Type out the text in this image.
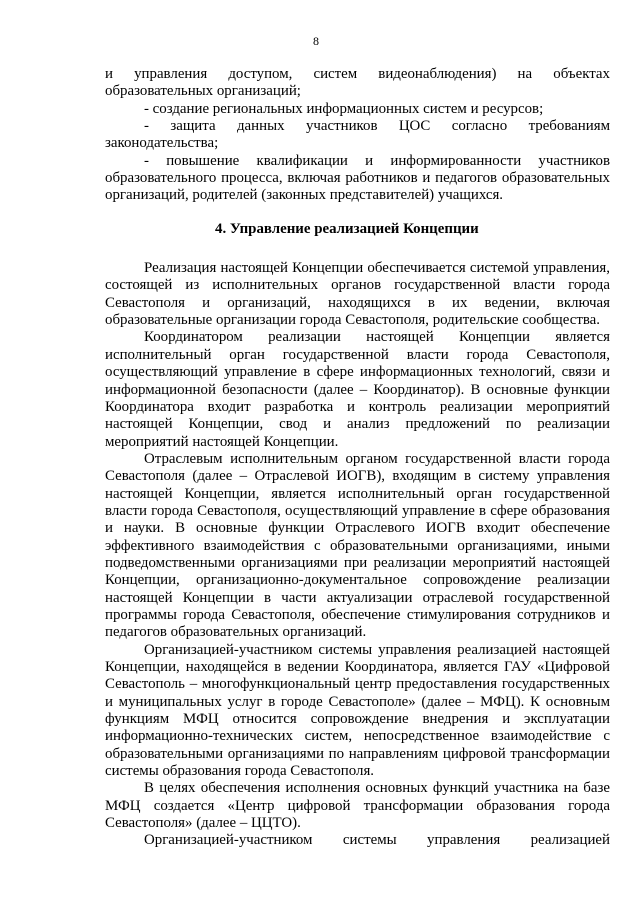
8

и управления доступом, систем видеонаблюдения) на объектах образовательных организаций;

- создание региональных информационных систем и ресурсов;

- защита данных участников ЦОС согласно требованиям законодательства;

- повышение квалификации и информированности участников образовательного процесса, включая работников и педагогов образовательных организаций, родителей (законных представителей) учащихся.

4. Управление реализацией Концепции

Реализация настоящей Концепции обеспечивается системой управления, состоящей из исполнительных органов государственной власти города Севастополя и организаций, находящихся в их ведении, включая образовательные организации города Севастополя, родительские сообщества.

Координатором реализации настоящей Концепции является исполнительный орган государственной власти города Севастополя, осуществляющий управление в сфере информационных технологий, связи и информационной безопасности (далее – Координатор). В основные функции Координатора входит разработка и контроль реализации мероприятий настоящей Концепции, свод и анализ предложений по реализации мероприятий настоящей Концепции.

Отраслевым исполнительным органом государственной власти города Севастополя (далее – Отраслевой ИОГВ), входящим в систему управления настоящей Концепции, является исполнительный орган государственной власти города Севастополя, осуществляющий управление в сфере образования и науки. В основные функции Отраслевого ИОГВ входит обеспечение эффективного взаимодействия с образовательными организациями, иными подведомственными организациями при реализации мероприятий настоящей Концепции, организационно-документальное сопровождение реализации настоящей Концепции в части актуализации отраслевой государственной программы города Севастополя, обеспечение стимулирования сотрудников и педагогов образовательных организаций.

Организацией-участником системы управления реализацией настоящей Концепции, находящейся в ведении Координатора, является ГАУ «Цифровой Севастополь – многофункциональный центр предоставления государственных и муниципальных услуг в городе Севастополе» (далее – МФЦ). К основным функциям МФЦ относится сопровождение внедрения и эксплуатации информационно-технических систем, непосредственное взаимодействие с образовательными организациями по направлениям цифровой трансформации системы образования города Севастополя.

В целях обеспечения исполнения основных функций участника на базе МФЦ создается «Центр цифровой трансформации образования города Севастополя» (далее – ЦЦТО).

Организацией-участником системы управления реализацией
